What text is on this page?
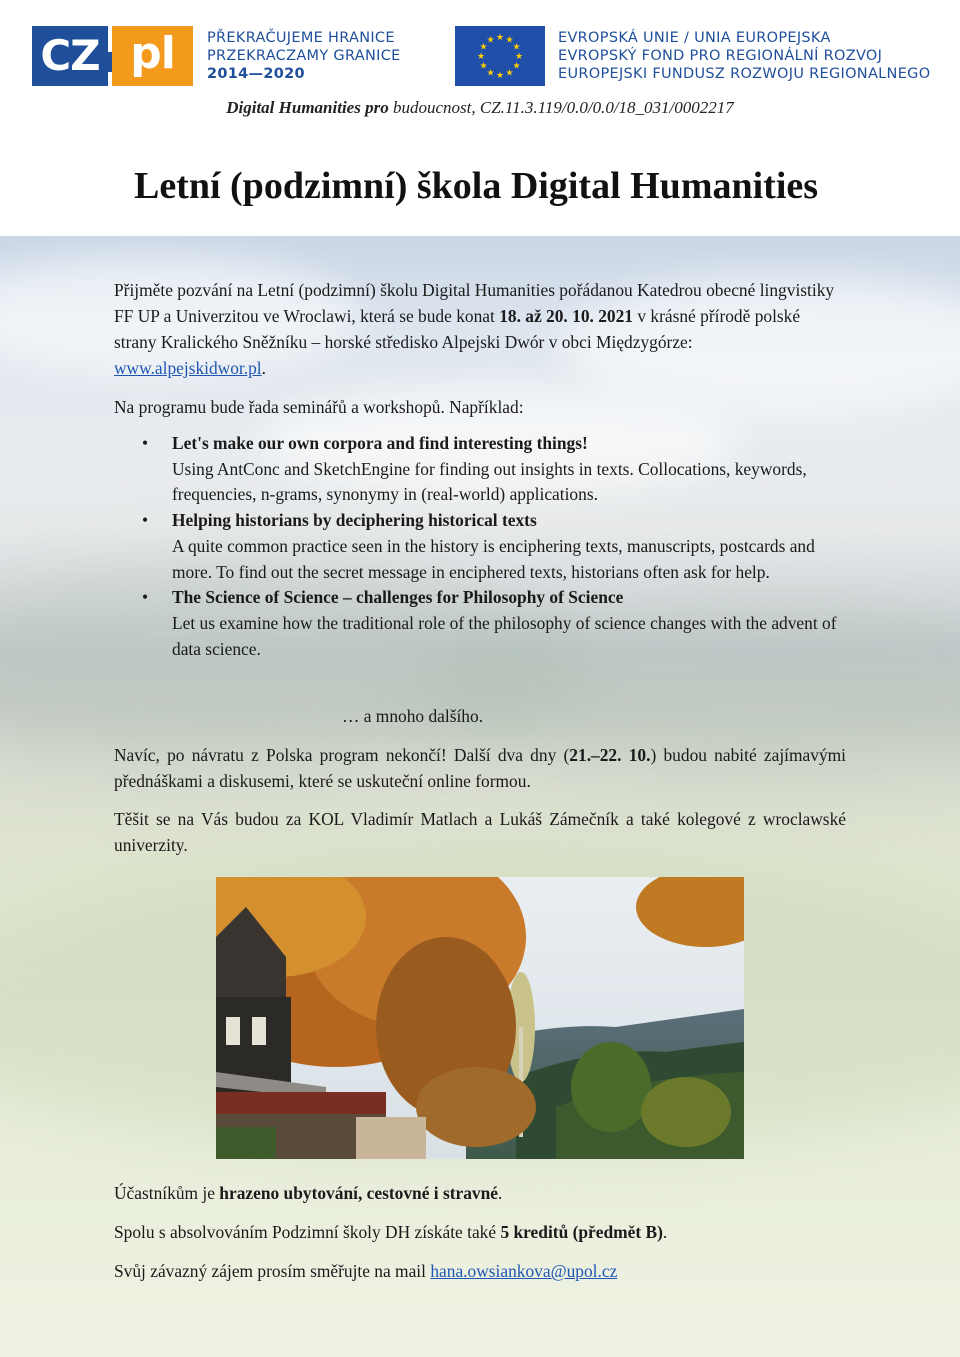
CZ pl	PŘEKRAČUJEME HRANICE
PRZEKRACZAMY GRANICE
2014—2020
★ ★
★
★
★
★
★
★
★
★
★
★	EVROPSKÁ UNIE / UNIA EUROPEJSKA
EVROPSKÝ FOND PRO REGIONÁLNÍ ROZVOJ
EUROPEJSKI FUNDUSZ ROZWOJU REGIONALNEGO
Digital Humanities pro budoucnost, CZ.11.3.119/0.0/0.0/18_031/0002217
Letní (podzimní) škola Digital Humanities

Přijměte pozvání na Letní (podzimní) školu Digital Humanities pořádanou Katedrou obecné lingvistiky FF UP a Univerzitou ve Wroclawi, která se bude konat 18. až 20. 10. 2021 v krásné přírodě polské strany Kralického Sněžníku – horské středisko Alpejski Dwór v obci Międzygórze: www.alpejskidwor.pl.

Na programu bude řada seminářů a workshopů. Například:

• Let's make our own corpora and find interesting things!
Using AntConc and SketchEngine for finding out insights in texts. Collocations, keywords, frequencies, n-grams, synonymy in (real-world) applications.
• Helping historians by deciphering historical texts
A quite common practice seen in the history is enciphering texts, manuscripts, postcards and more. To find out the secret message in enciphered texts, historians often ask for help.
• The Science of Science – challenges for Philosophy of Science
Let us examine how the traditional role of the philosophy of science changes with the advent of data science.

… a mnoho dalšího.

Navíc, po návratu z Polska program nekončí! Další dva dny (21.–22. 10.) budou nabité zajímavými přednáškami a diskusemi, které se uskuteční online formou.

Těšit se na Vás budou za KOL Vladimír Matlach a Lukáš Zámečník a také kolegové z wroclawské univerzity.

Účastníkům je hrazeno ubytování, cestovné i stravné.

Spolu s absolvováním Podzimní školy DH získáte také 5 kreditů (předmět B).

Svůj závazný zájem prosím směřujte na mail hana.owsiankova@upol.cz
